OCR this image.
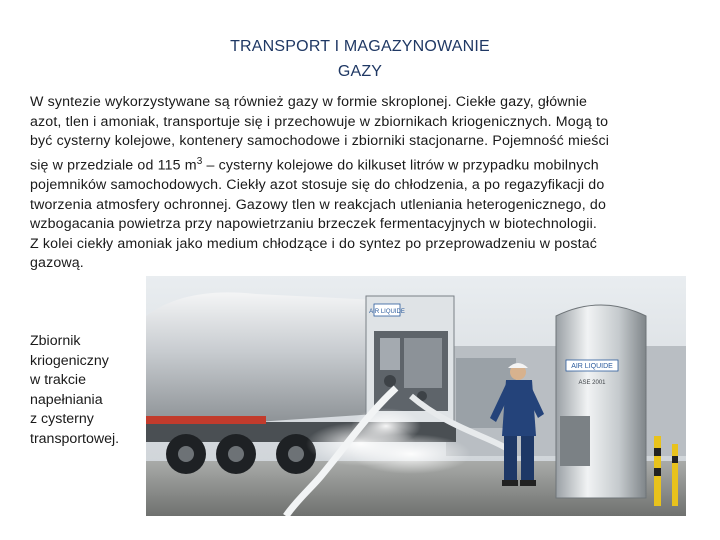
TRANSPORT I MAGAZYNOWANIE
GAZY
W syntezie wykorzystywane są również gazy w formie skroplonej. Ciekłe gazy, głównie
azot, tlen i amoniak, transportuje się i przechowuje w zbiornikach kriogenicznych. Mogą to
być cysterny kolejowe, kontenery samochodowe i zbiorniki stacjonarne. Pojemność mieści
się w przedziale od 115 $m^3$ – cysterny kolejowe do kilkuset litrów w przypadku mobilnych
pojemników samochodowych. Ciekły azot stosuje się do chłodzenia, a po regazyfikacji do
tworzenia atmosfery ochronnej. Gazowy tlen w reakcjach utleniania heterogenicznego, do
wzbogacania powietrza przy napowietrzaniu brzeczek fermentacyjnych w biotechnologii.
Z kolei ciekły amoniak jako medium chłodzące i do syntez po przeprowadzeniu w postać
gazową.
Zbiornik
kriogeniczny
w trakcie
napełniania
z cysterny
transportowej.
AIR LIQUIDE
AIR LIQUIDE
ASE 2001
